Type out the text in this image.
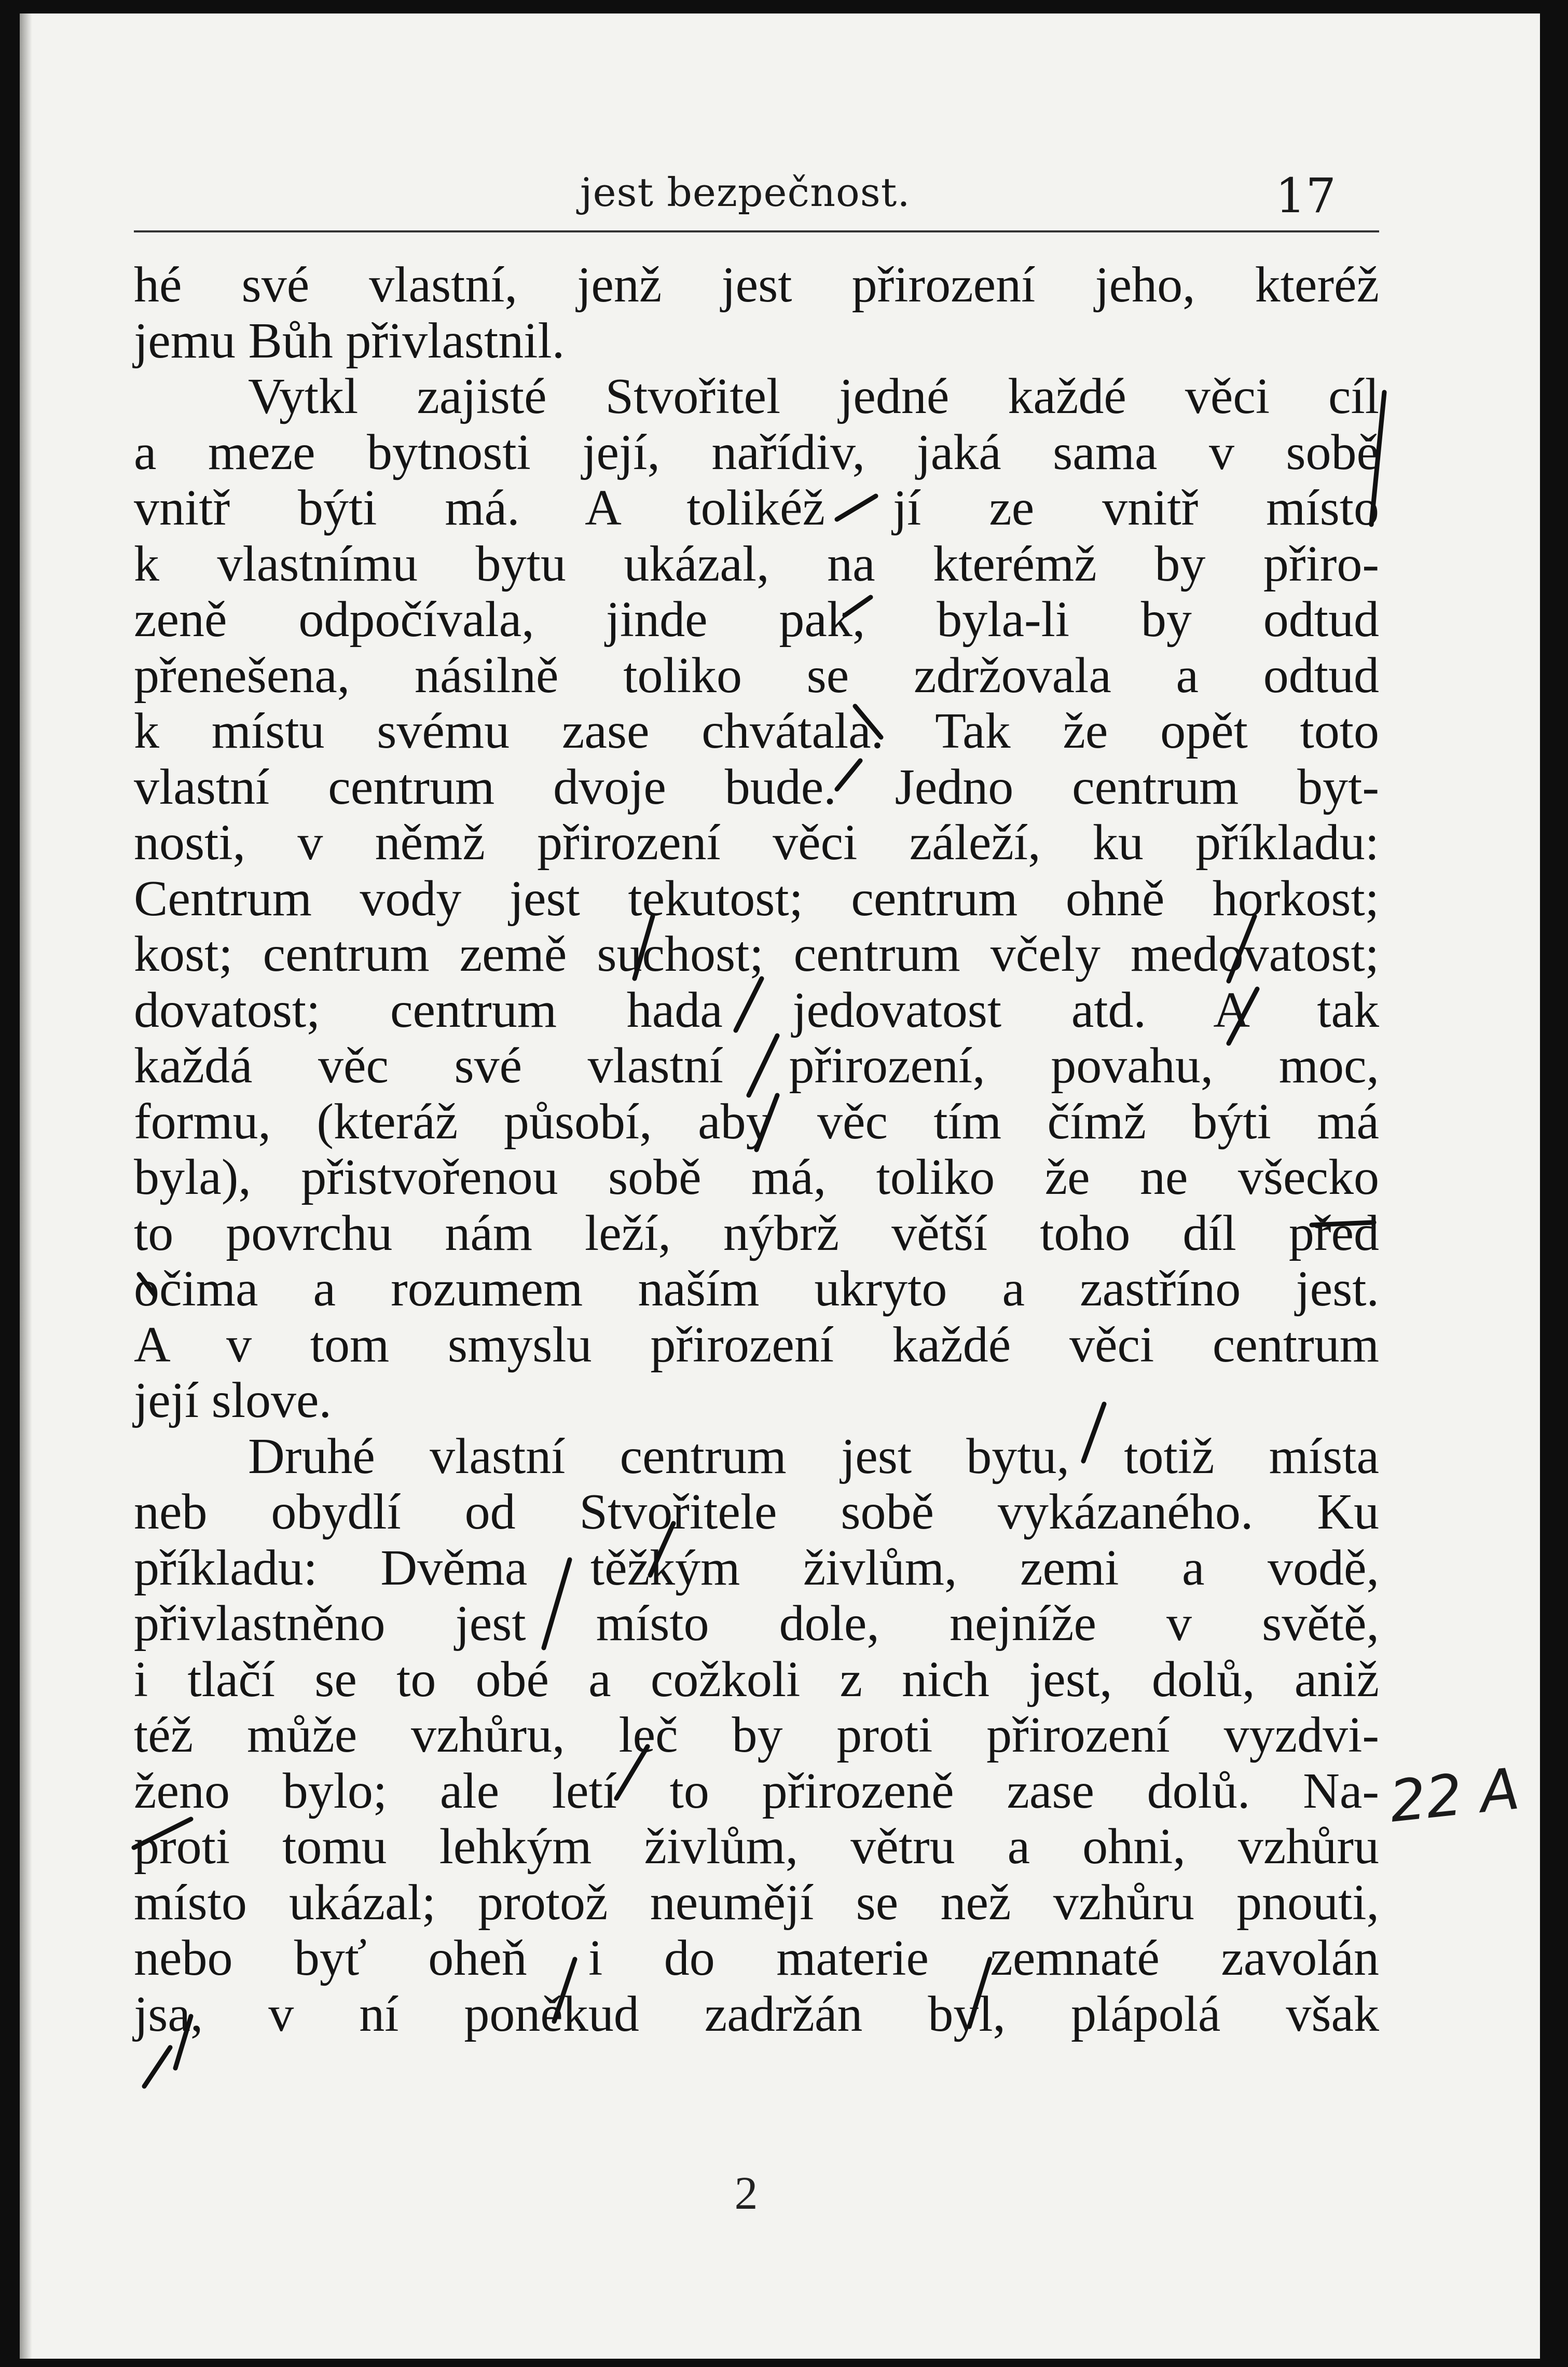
jest bezpečnost.	17
hé své vlastní, jenž jest přirození jeho, kteréž
jemu Bůh přivlastnil.
Vytkl zajisté Stvořitel jedné každé věci cíl
a meze bytnosti její, nařídiv, jaká sama v sobě
vnitř býti má. A tolikéž jí ze vnitř místo
k vlastnímu bytu ukázal, na kterémž by přiro-
zeně odpočívala, jinde pak, byla-li by odtud
přenešena, násilně toliko se zdržovala a odtud
k místu svému zase chvátala. Tak že opět toto
vlastní centrum dvoje bude. Jedno centrum byt-
nosti, v němž přirození věci záleží, ku příkladu:
Centrum vody jest tekutost; centrum ohně horkost;
kost; centrum země suchost; centrum včely medovatost;
dovatost; centrum hada jedovatost atd. A tak
každá věc své vlastní přirození, povahu, moc,
formu, (kteráž působí, aby věc tím čímž býti má
byla), přistvořenou sobě má, toliko že ne všecko
to povrchu nám leží, nýbrž větší toho díl před
očima a rozumem naším ukryto a zastříno jest.
A v tom smyslu přirození každé věci centrum
její slove.
Druhé vlastní centrum jest bytu, totiž místa
neb obydlí od Stvořitele sobě vykázaného. Ku
příkladu: Dvěma těžkým živlům, zemi a vodě,
přivlastněno jest místo dole, nejníže v světě,
i tlačí se to obé a cožkoli z nich jest, dolů, aniž
též může vzhůru, leč by proti přirození vyzdvi-
ženo bylo; ale letí to přirozeně zase dolů. Na-
proti tomu lehkým živlům, větru a ohni, vzhůru
místo ukázal; protož neumějí se než vzhůru pnouti,
nebo byť oheň i do materie zemnaté zavolán
jsa, v ní poněkud zadržán byl, plápolá však
2
22 A
